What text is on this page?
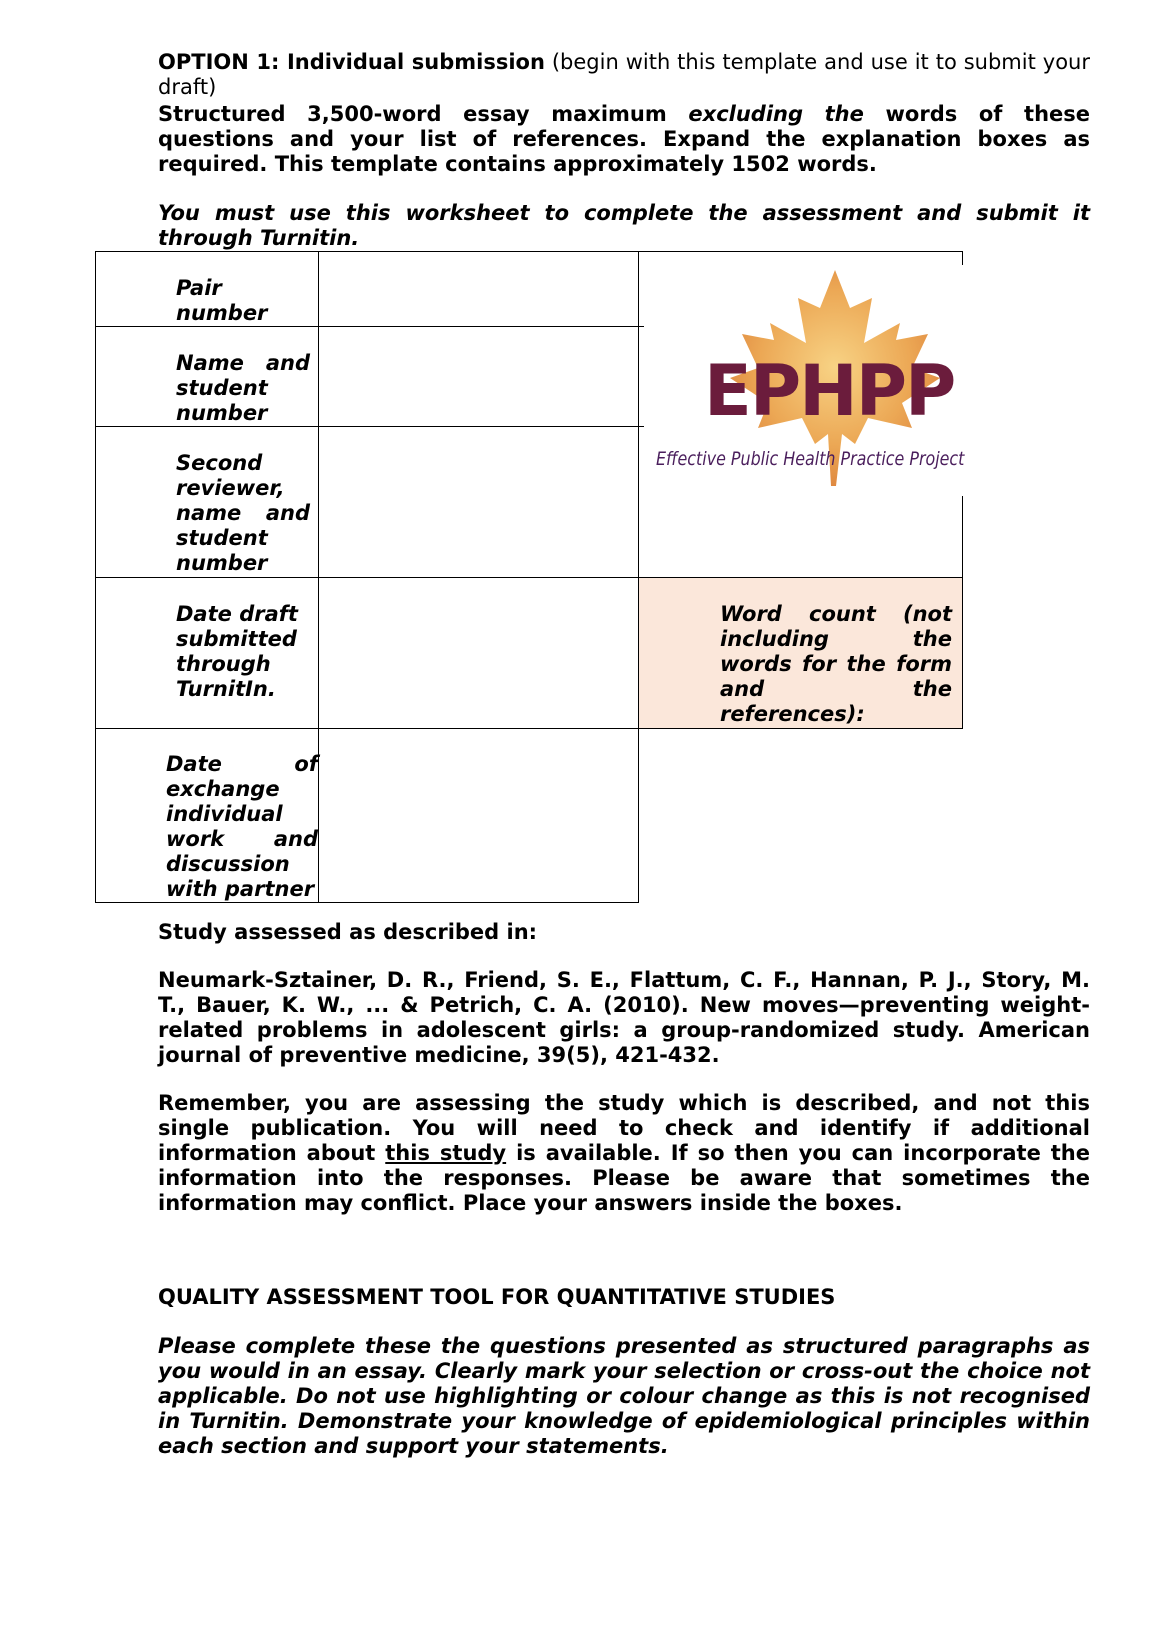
OPTION 1: Individual submission (begin with this template and use it to submit your draft)

Structured 3,500-word essay maximum excluding the words of these questions and your list of references. Expand the explanation boxes as required. This template contains approximately 1502 words.

You must use this worksheet to complete the assessment and submit it through Turnitin.

Pair number
Name and student number
Second reviewer, name and student number
Date draft submitted through TurnitIn.
Word count (not including the words for the form and the references):
Date of exchange individual work and discussion with partner
EPHPP
Effective Public Health Practice Project

Study assessed as described in:

Neumark-Sztainer, D. R., Friend, S. E., Flattum, C. F., Hannan, P. J., Story, M. T., Bauer, K. W., ... & Petrich, C. A. (2010). New moves—preventing weight-related problems in adolescent girls: a group-randomized study. American journal of preventive medicine, 39(5), 421-432.

Remember, you are assessing the study which is described, and not this single publication. You will need to check and identify if additional information about this study is available. If so then you can incorporate the information into the responses. Please be aware that sometimes the information may conflict. Place your answers inside the boxes.

QUALITY ASSESSMENT TOOL FOR QUANTITATIVE STUDIES

Please complete these the questions presented as structured paragraphs as you would in an essay. Clearly mark your selection or cross-out the choice not applicable. Do not use highlighting or colour change as this is not recognised in Turnitin. Demonstrate your knowledge of epidemiological principles within each section and support your statements.
